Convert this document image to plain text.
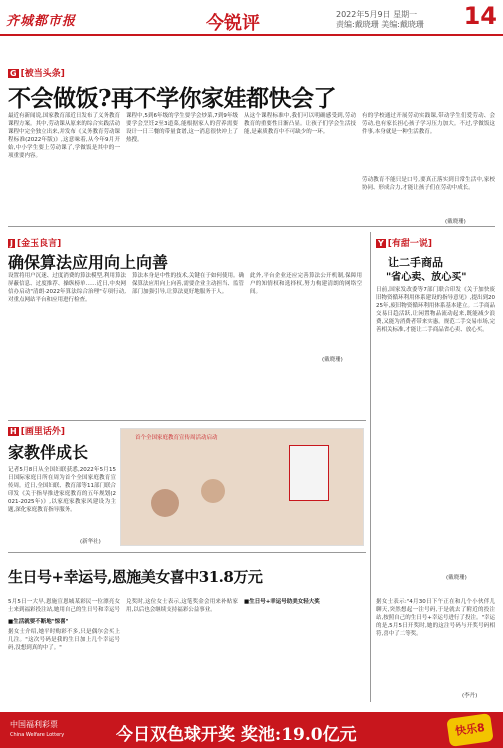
齐城都市报	今锐评	2022年5月9日 星期一
责编:戴晓珊 美编:戴晓珊	14
G [被当头条]
不会做饭?再不学你家娃都快会了
最近有新闻说,国家教育部近日发布了义务教育课程方案。其中,劳动课从原来的综合实践活动课程中完全独立出来,并发布《义务教育劳动课程标准(2022年版)》,这意味着,从今年9月开始,中小学生要上劳动课了,学做饭是其中的一项重要内容。
课程中,5到6年级的学生要学会炒菜,7到9年级要学会烹饪2至3道菜,能根据家人的营养需要设计一日三餐的带量食谱,这一消息很快冲上了热搜。
从这个课程标准中,我们可以明确感受到,劳动教育的重要性日渐凸显。让孩子们学会生活技能,是素质教育中不可缺少的一环。
有的学校通过开展劳动实践课,带动学生们爱劳动、会劳动,也有家长担心孩子学习压力加大。不过,学做饭这件事,本身就是一种生活教育。
劳动教育不能只是口号,要真正落实到日常生活中,家校协同、形成合力,才能让孩子们在劳动中成长。
(戴晓珊)
J [金玉良言]
确保算法应用向上向善
设置将用户沉迷、过度消费的算法模型,利用算法屏蔽信息、过度推荐、操纵榜单……近日,中央网信办启动"清朗·2022年算法综合治理"专项行动,对重点网站平台和应用进行检查。
算法本身是中性的技术,关键在于如何使用。确保算法应用向上向善,需要企业主动担当、监管部门加强引导,让算法更好地服务于人。
此外,平台企业还应完善算法公开机制,保障用户的知情权和选择权,努力构建清朗的网络空间。
(戴晓珊)
Y [有甜一说]
让二手商品
"省心卖、放心买"
日前,国家发改委等7部门联合印发《关于加快废旧物资循环利用体系建设的指导意见》,提出到2025年,废旧物资循环利用体系基本建立。二手商品交易日趋活跃,让闲置物品流动起来,既能减少浪费,又能为消费者带来实惠。规范二手交易市场,完善相关标准,才能让二手商品省心卖、放心买。
(戴晓珊)
H [画里话外]
家教伴成长
首个全国家庭教育宣传周活动启动
记者5月8日从全国妇联获悉,2022年5月15日国际家庭日所在周为首个全国家庭教育宣传周。近日,全国妇联、教育部等11部门联合印发《关于指导推进家庭教育的五年规划(2021-2025年)》,以家庭家教家风建设为主题,深化家庭教育指导服务。
(新华社)
生日号+幸运号,恩施美女喜中31.8万元
5月5日一大早,恩施宣恩城某彩民一位漂亮女士来到福彩投注站,她用自己的生日号和幸运号
■生活就要不断地"惊喜"
据女士介绍,她平时购彩不多,只是偶尔会买上几注。"这次号码是我的生日加上几个幸运号码,没想到真的中了。"
兑奖时,这位女士表示,这笔奖金会用来补贴家用,以后也会继续支持福彩公益事业。
■生日号+幸运号助美女轻大奖	据女士表示:"4月30日下午正在和几个小伙伴儿聊天,突然想起一注号码,于是就去了附近的投注站,按照自己的生日号+幸运号进行了投注。"幸运的是,5月5日开奖时,她的这注号码与开奖号码相符,喜中了二等奖。
(李丹)
中国福利彩票
China Welfare Lottery	今日双色球开奖 奖池:19.0亿元	快乐8
